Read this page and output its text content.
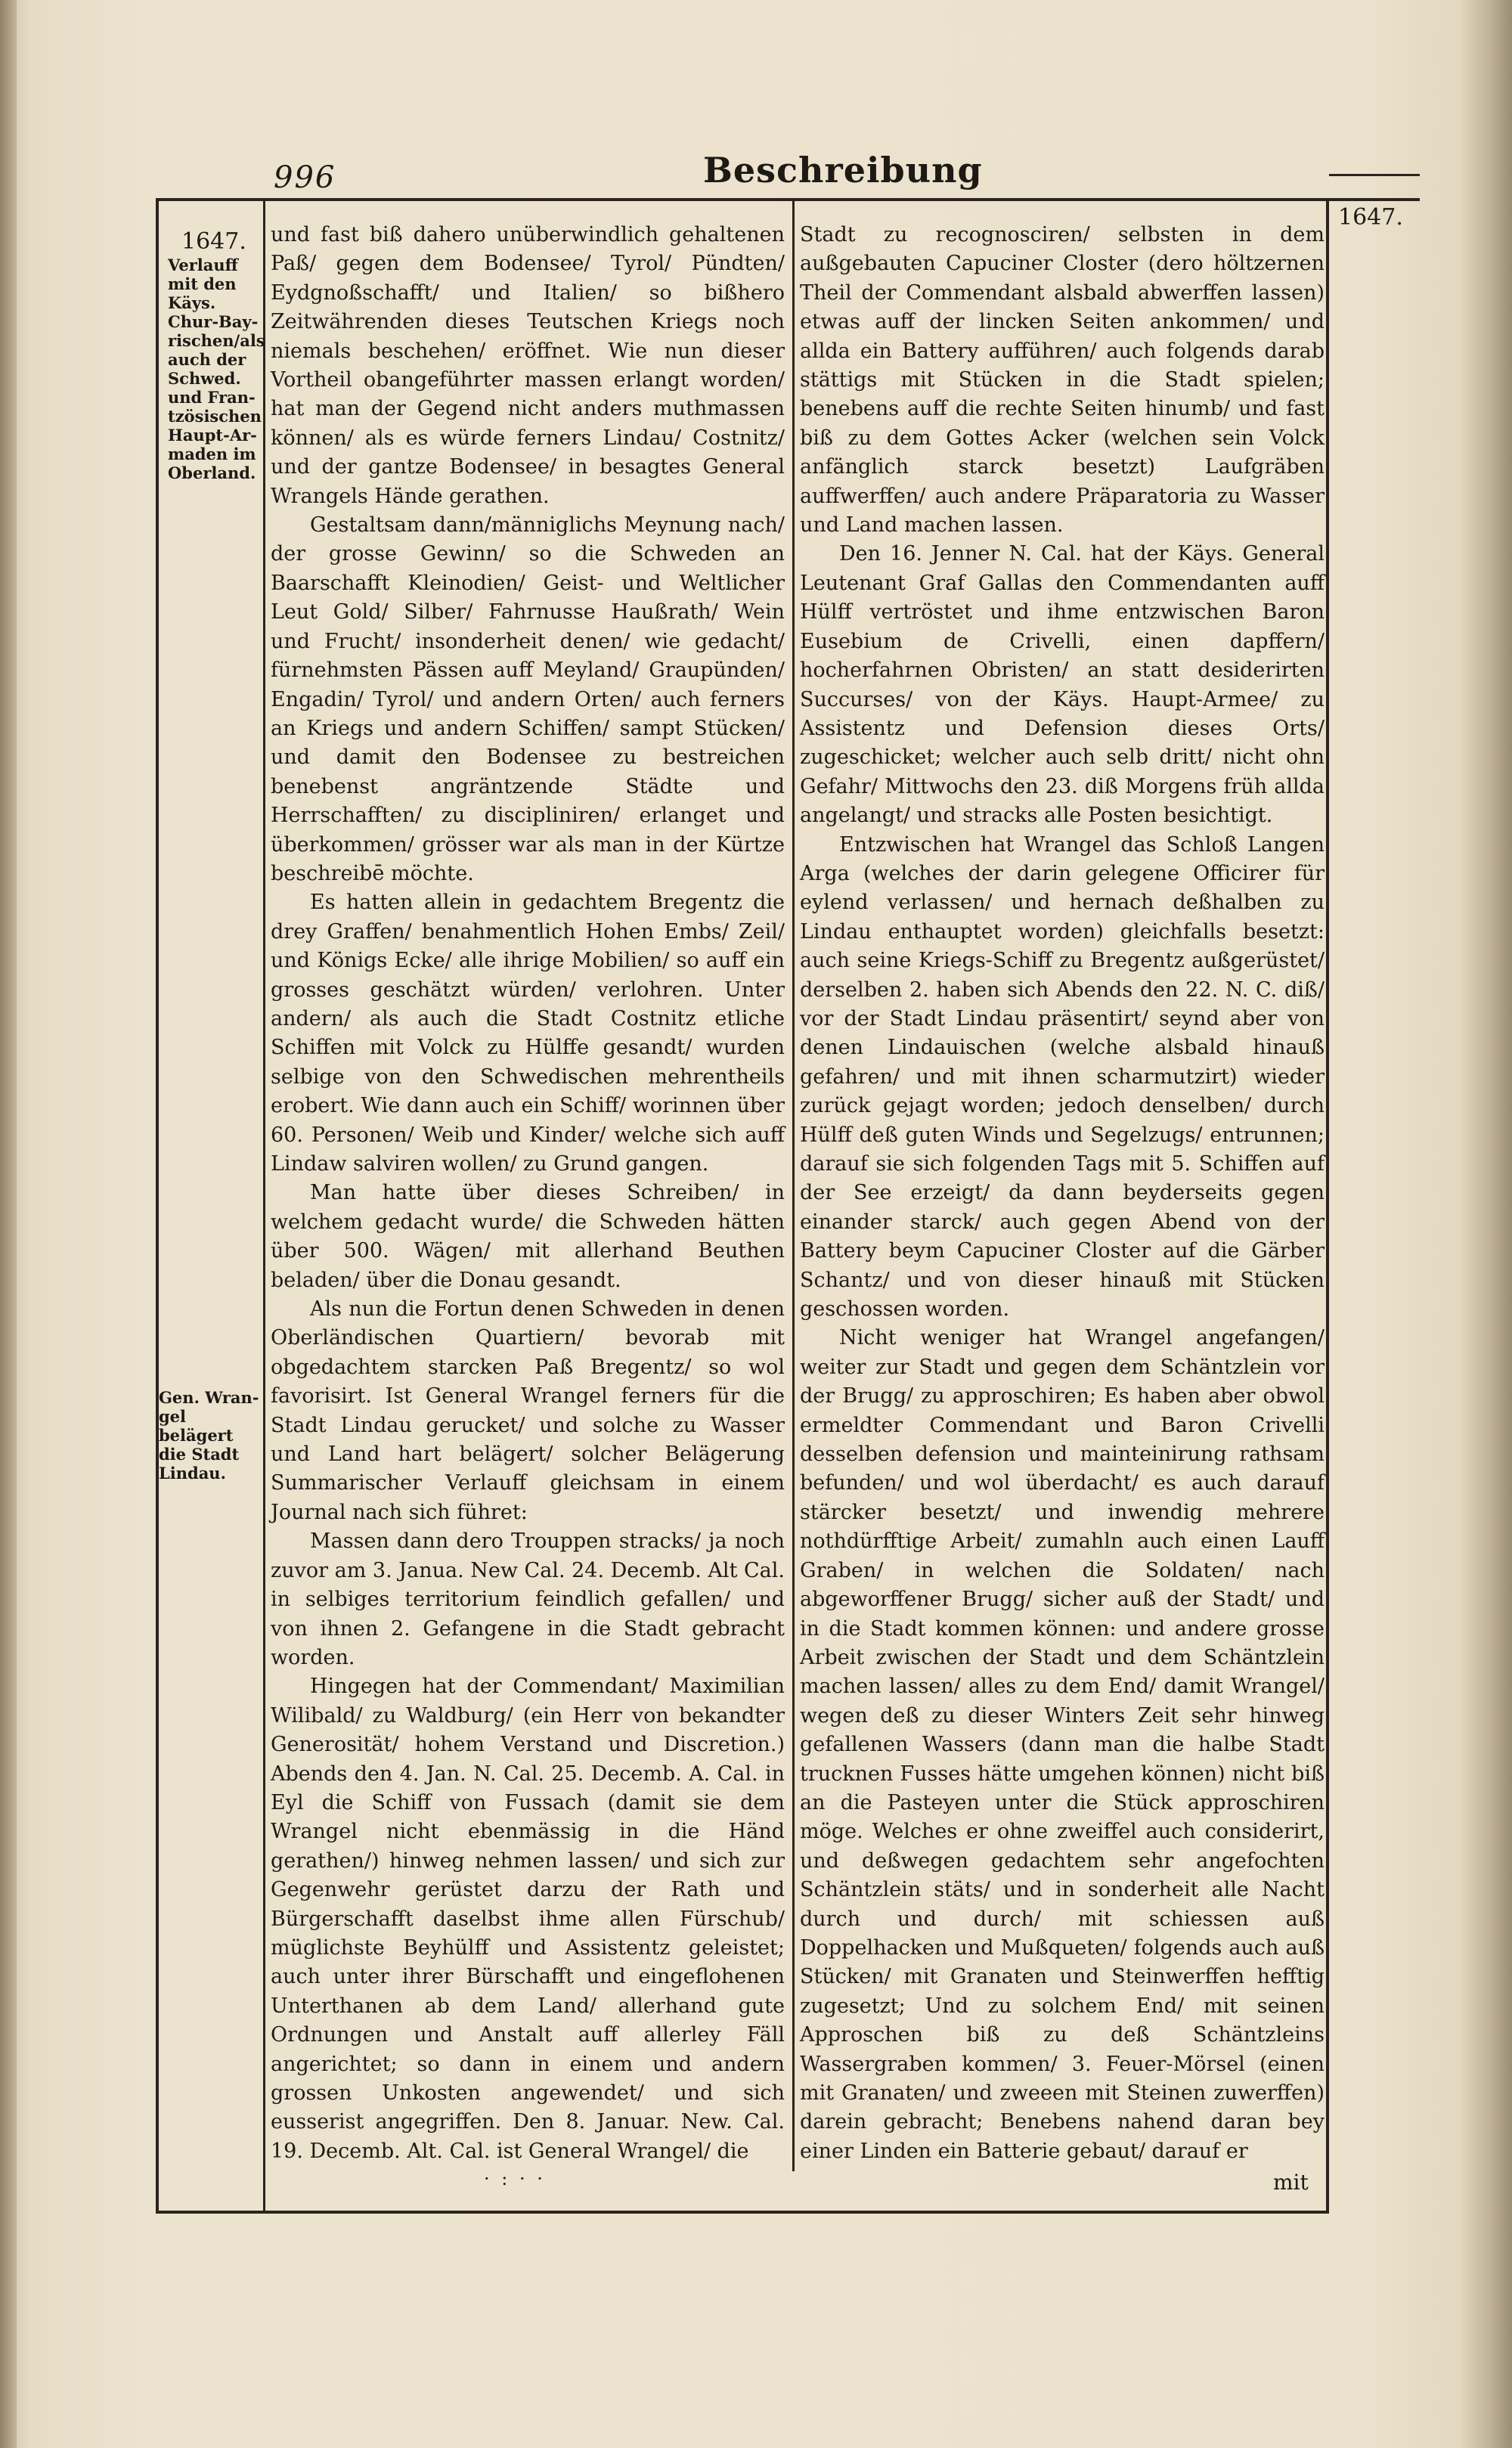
996	Beschreibung
1647.
1647.
Verlauff mit den Käys. Chur-Bay-rischen/als auch der Schwed. und Fran-tzösischen Haupt-Ar-maden im Oberland.
Gen. Wran-gel belägert die Stadt Lindau.

und fast biß dahero unüberwindlich gehaltenen Paß/ gegen dem Bodensee/ Tyrol/ Pündten/ Eydgnoßschafft/ und Italien/ so bißhero Zeitwährenden dieses Teutschen Kriegs noch niemals beschehen/ eröffnet. Wie nun dieser Vortheil obangeführter massen erlangt worden/ hat man der Gegend nicht anders muthmassen können/ als es würde ferners Lindau/ Costnitz/ und der gantze Bodensee/ in besagtes General Wrangels Hände gerathen.

Gestaltsam dann/männiglichs Meynung nach/ der grosse Gewinn/ so die Schweden an Baarschafft Kleinodien/ Geist- und Weltlicher Leut Gold/ Silber/ Fahrnusse Haußrath/ Wein und Frucht/ insonderheit denen/ wie gedacht/ fürnehmsten Pässen auff Meyland/ Graupünden/ Engadin/ Tyrol/ und andern Orten/ auch ferners an Kriegs und andern Schiffen/ sampt Stücken/ und damit den Bodensee zu bestreichen benebenst angräntzende Städte und Herrschafften/ zu discipliniren/ erlanget und überkommen/ grösser war als man in der Kürtze beschreibē möchte.

Es hatten allein in gedachtem Bregentz die drey Graffen/ benahmentlich Hohen Embs/ Zeil/ und Königs Ecke/ alle ihrige Mobilien/ so auff ein grosses geschätzt würden/ verlohren. Unter andern/ als auch die Stadt Costnitz etliche Schiffen mit Volck zu Hülffe gesandt/ wurden selbige von den Schwedischen mehrentheils erobert. Wie dann auch ein Schiff/ worinnen über 60. Personen/ Weib und Kinder/ welche sich auff Lindaw salviren wollen/ zu Grund gangen.

Man hatte über dieses Schreiben/ in welchem gedacht wurde/ die Schweden hätten über 500. Wägen/ mit allerhand Beuthen beladen/ über die Donau gesandt.

Als nun die Fortun denen Schweden in denen Oberländischen Quartiern/ bevorab mit obgedachtem starcken Paß Bregentz/ so wol favorisirt. Ist General Wrangel ferners für die Stadt Lindau gerucket/ und solche zu Wasser und Land hart belägert/ solcher Belägerung Summarischer Verlauff gleichsam in einem Journal nach sich führet:

Massen dann dero Trouppen stracks/ ja noch zuvor am 3. Janua. New Cal. 24. Decemb. Alt Cal. in selbiges territorium feindlich gefallen/ und von ihnen 2. Gefangene in die Stadt gebracht worden.

Hingegen hat der Commendant/ Maximilian Wilibald/ zu Waldburg/ (ein Herr von bekandter Generosität/ hohem Verstand und Discretion.) Abends den 4. Jan. N. Cal. 25. Decemb. A. Cal. in Eyl die Schiff von Fussach (damit sie dem Wrangel nicht ebenmässig in die Händ gerathen/) hinweg nehmen lassen/ und sich zur Gegenwehr gerüstet darzu der Rath und Bürgerschafft daselbst ihme allen Fürschub/ müglichste Beyhülff und Assistentz geleistet; auch unter ihrer Bürschafft und eingeflohenen Unterthanen ab dem Land/ allerhand gute Ordnungen und Anstalt auff allerley Fäll angerichtet; so dann in einem und andern grossen Unkosten angewendet/ und sich eusserist angegriffen. Den 8. Januar. New. Cal. 19. Decemb. Alt. Cal. ist General Wrangel/ die

Stadt zu recognosciren/ selbsten in dem außgebauten Capuciner Closter (dero höltzernen Theil der Commendant alsbald abwerffen lassen) etwas auff der lincken Seiten ankommen/ und allda ein Battery aufführen/ auch folgends darab stättigs mit Stücken in die Stadt spielen; benebens auff die rechte Seiten hinumb/ und fast biß zu dem Gottes Acker (welchen sein Volck anfänglich starck besetzt) Laufgräben auffwerffen/ auch andere Präparatoria zu Wasser und Land machen lassen.

Den 16. Jenner N. Cal. hat der Käys. General Leutenant Graf Gallas den Commendanten auff Hülff vertröstet und ihme entzwischen Baron Eusebium de Crivelli, einen dapffern/ hocherfahrnen Obristen/ an statt desiderirten Succurses/ von der Käys. Haupt-Armee/ zu Assistentz und Defension dieses Orts/ zugeschicket; welcher auch selb dritt/ nicht ohn Gefahr/ Mittwochs den 23. diß Morgens früh allda angelangt/ und stracks alle Posten besichtigt.

Entzwischen hat Wrangel das Schloß Langen Arga (welches der darin gelegene Officirer für eylend verlassen/ und hernach deßhalben zu Lindau enthauptet worden) gleichfalls besetzt: auch seine Kriegs-Schiff zu Bregentz außgerüstet/ derselben 2. haben sich Abends den 22. N. C. diß/ vor der Stadt Lindau präsentirt/ seynd aber von denen Lindauischen (welche alsbald hinauß gefahren/ und mit ihnen scharmutzirt) wieder zurück gejagt worden; jedoch denselben/ durch Hülff deß guten Winds und Segelzugs/ entrunnen; darauf sie sich folgenden Tags mit 5. Schiffen auf der See erzeigt/ da dann beyderseits gegen einander starck/ auch gegen Abend von der Battery beym Capuciner Closter auf die Gärber Schantz/ und von dieser hinauß mit Stücken geschossen worden.

Nicht weniger hat Wrangel angefangen/ weiter zur Stadt und gegen dem Schäntzlein vor der Brugg/ zu approschiren; Es haben aber obwol ermeldter Commendant und Baron Crivelli desselben defension und mainteinirung rathsam befunden/ und wol überdacht/ es auch darauf stärcker besetzt/ und inwendig mehrere nothdürfftige Arbeit/ zumahln auch einen Lauff Graben/ in welchen die Soldaten/ nach abgeworffener Brugg/ sicher auß der Stadt/ und in die Stadt kommen können: und andere grosse Arbeit zwischen der Stadt und dem Schäntzlein machen lassen/ alles zu dem End/ damit Wrangel/ wegen deß zu dieser Winters Zeit sehr hinweg gefallenen Wassers (dann man die halbe Stadt trucknen Fusses hätte umgehen können) nicht biß an die Pasteyen unter die Stück approschiren möge. Welches er ohne zweiffel auch considerirt, und deßwegen gedachtem sehr angefochten Schäntzlein stäts/ und in sonderheit alle Nacht durch und durch/ mit schiessen auß Doppelhacken und Mußqueten/ folgends auch auß Stücken/ mit Granaten und Steinwerffen hefftig zugesetzt; Und zu solchem End/ mit seinen Approschen biß zu deß Schäntzleins Wassergraben kommen/ 3. Feuer-Mörsel (einen mit Granaten/ und zweeen mit Steinen zuwerffen) darein gebracht; Benebens nahend daran bey einer Linden ein Batterie gebaut/ darauf er

· : · ·	mit
